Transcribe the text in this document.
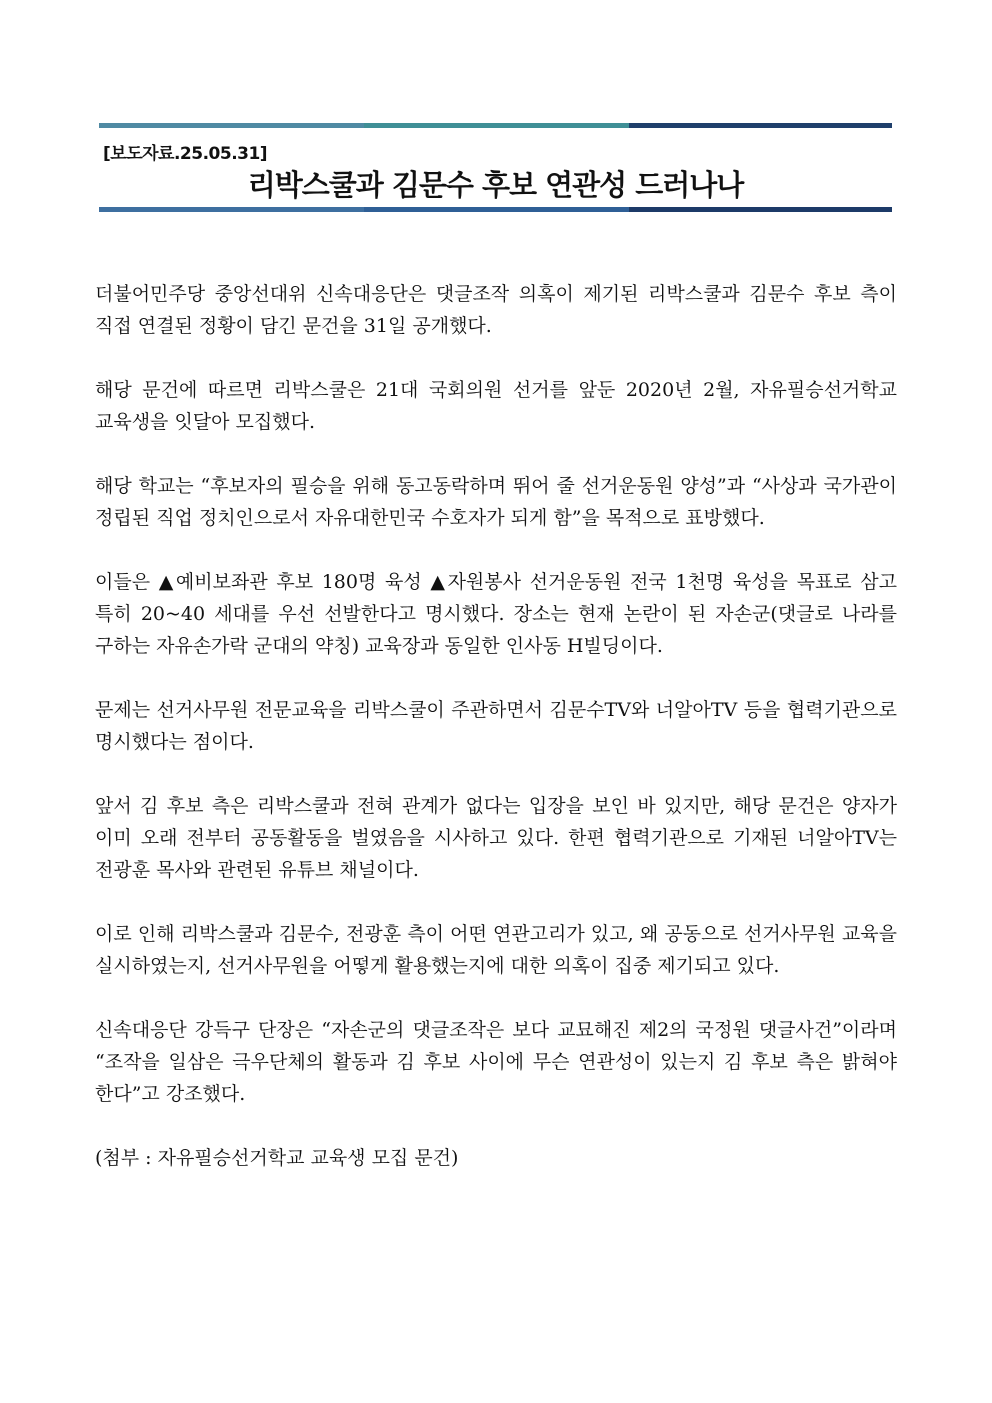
[보도자료.25.05.31]
리박스쿨과 김문수 후보 연관성 드러나나

더불어민주당 중앙선대위 신속대응단은 댓글조작 의혹이 제기된 리박스쿨과 김문수 후보 측이 직접 연결된 정황이 담긴 문건을 31일 공개했다.

해당 문건에 따르면 리박스쿨은 21대 국회의원 선거를 앞둔 2020년 2월, 자유필승선거학교 교육생을 잇달아 모집했다.

해당 학교는 “후보자의 필승을 위해 동고동락하며 뛰어 줄 선거운동원 양성”과 “사상과 국가관이 정립된 직업 정치인으로서 자유대한민국 수호자가 되게 함”을 목적으로 표방했다.

이들은 ▲예비보좌관 후보 180명 육성 ▲자원봉사 선거운동원 전국 1천명 육성을 목표로 삼고 특히 20~40 세대를 우선 선발한다고 명시했다. 장소는 현재 논란이 된 자손군(댓글로 나라를 구하는 자유손가락 군대의 약칭) 교육장과 동일한 인사동 H빌딩이다.

문제는 선거사무원 전문교육을 리박스쿨이 주관하면서 김문수TV와 너알아TV 등을 협력기관으로 명시했다는 점이다.

앞서 김 후보 측은 리박스쿨과 전혀 관계가 없다는 입장을 보인 바 있지만, 해당 문건은 양자가 이미 오래 전부터 공동활동을 벌였음을 시사하고 있다. 한편 협력기관으로 기재된 너알아TV는 전광훈 목사와 관련된 유튜브 채널이다.

이로 인해 리박스쿨과 김문수, 전광훈 측이 어떤 연관고리가 있고, 왜 공동으로 선거사무원 교육을 실시하였는지, 선거사무원을 어떻게 활용했는지에 대한 의혹이 집중 제기되고 있다.

신속대응단 강득구 단장은 “자손군의 댓글조작은 보다 교묘해진 제2의 국정원 댓글사건”이라며 “조작을 일삼은 극우단체의 활동과 김 후보 사이에 무슨 연관성이 있는지 김 후보 측은 밝혀야 한다”고 강조했다.

(첨부 : 자유필승선거학교 교육생 모집 문건)
